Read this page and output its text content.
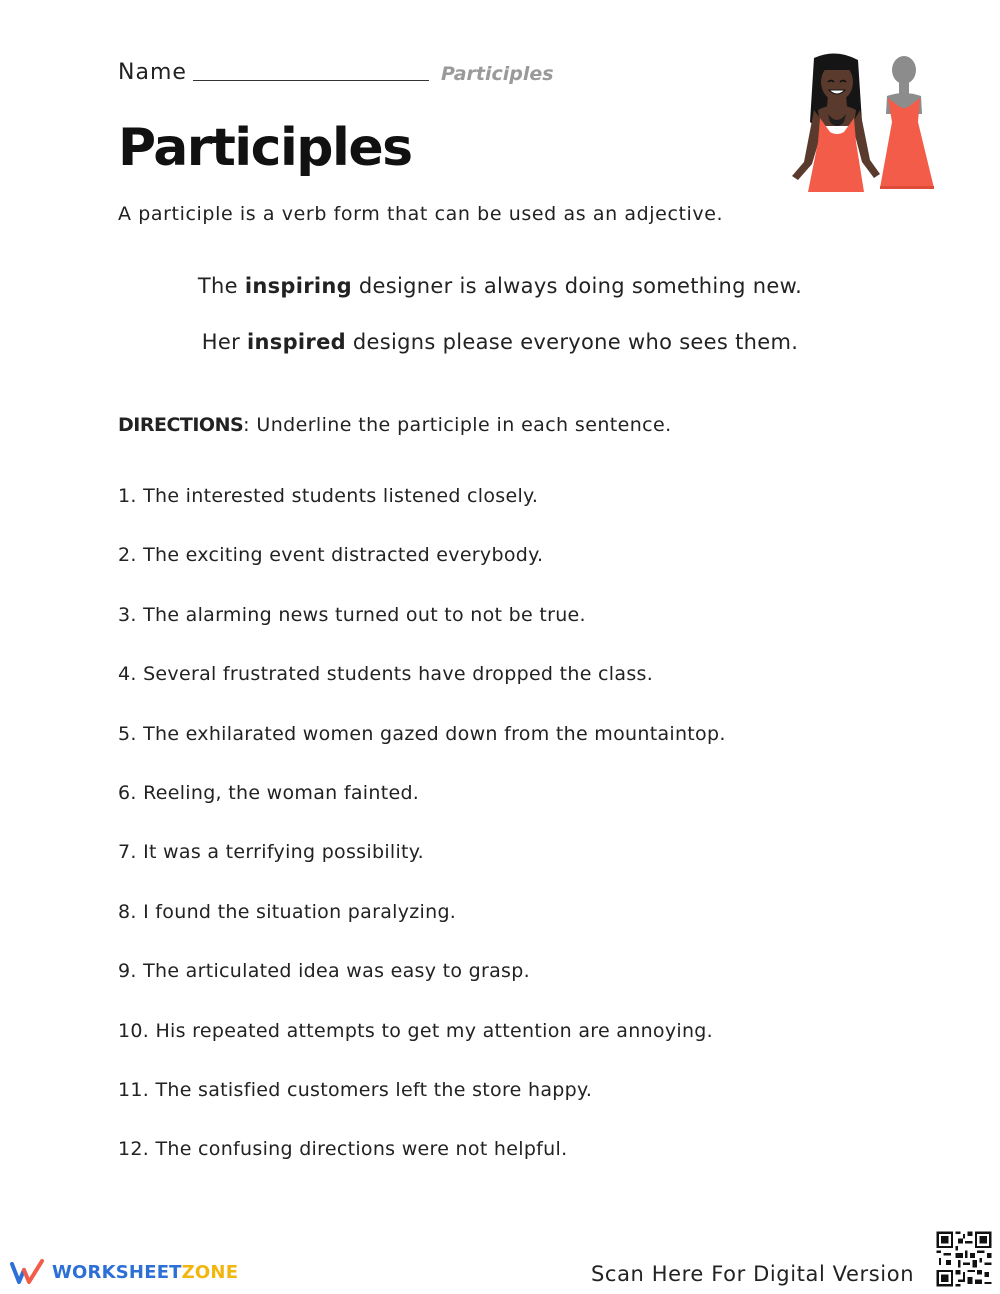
Name	Participles
Participles
A participle is a verb form that can be used as an adjective.
The inspiring designer is always doing something new.
Her inspired designs please everyone who sees them.
DIRECTIONS: Underline the participle in each sentence.
1. The interested students listened closely.
2. The exciting event distracted everybody.
3. The alarming news turned out to not be true.
4. Several frustrated students have dropped the class.
5. The exhilarated women gazed down from the mountaintop.
6. Reeling, the woman fainted.
7. It was a terrifying possibility.
8. I found the situation paralyzing.
9. The articulated idea was easy to grasp.
10. His repeated attempts to get my attention are annoying.
11. The satisfied customers left the store happy.
12. The confusing directions were not helpful.
WORKSHEETZONE	Scan Here For Digital Version
